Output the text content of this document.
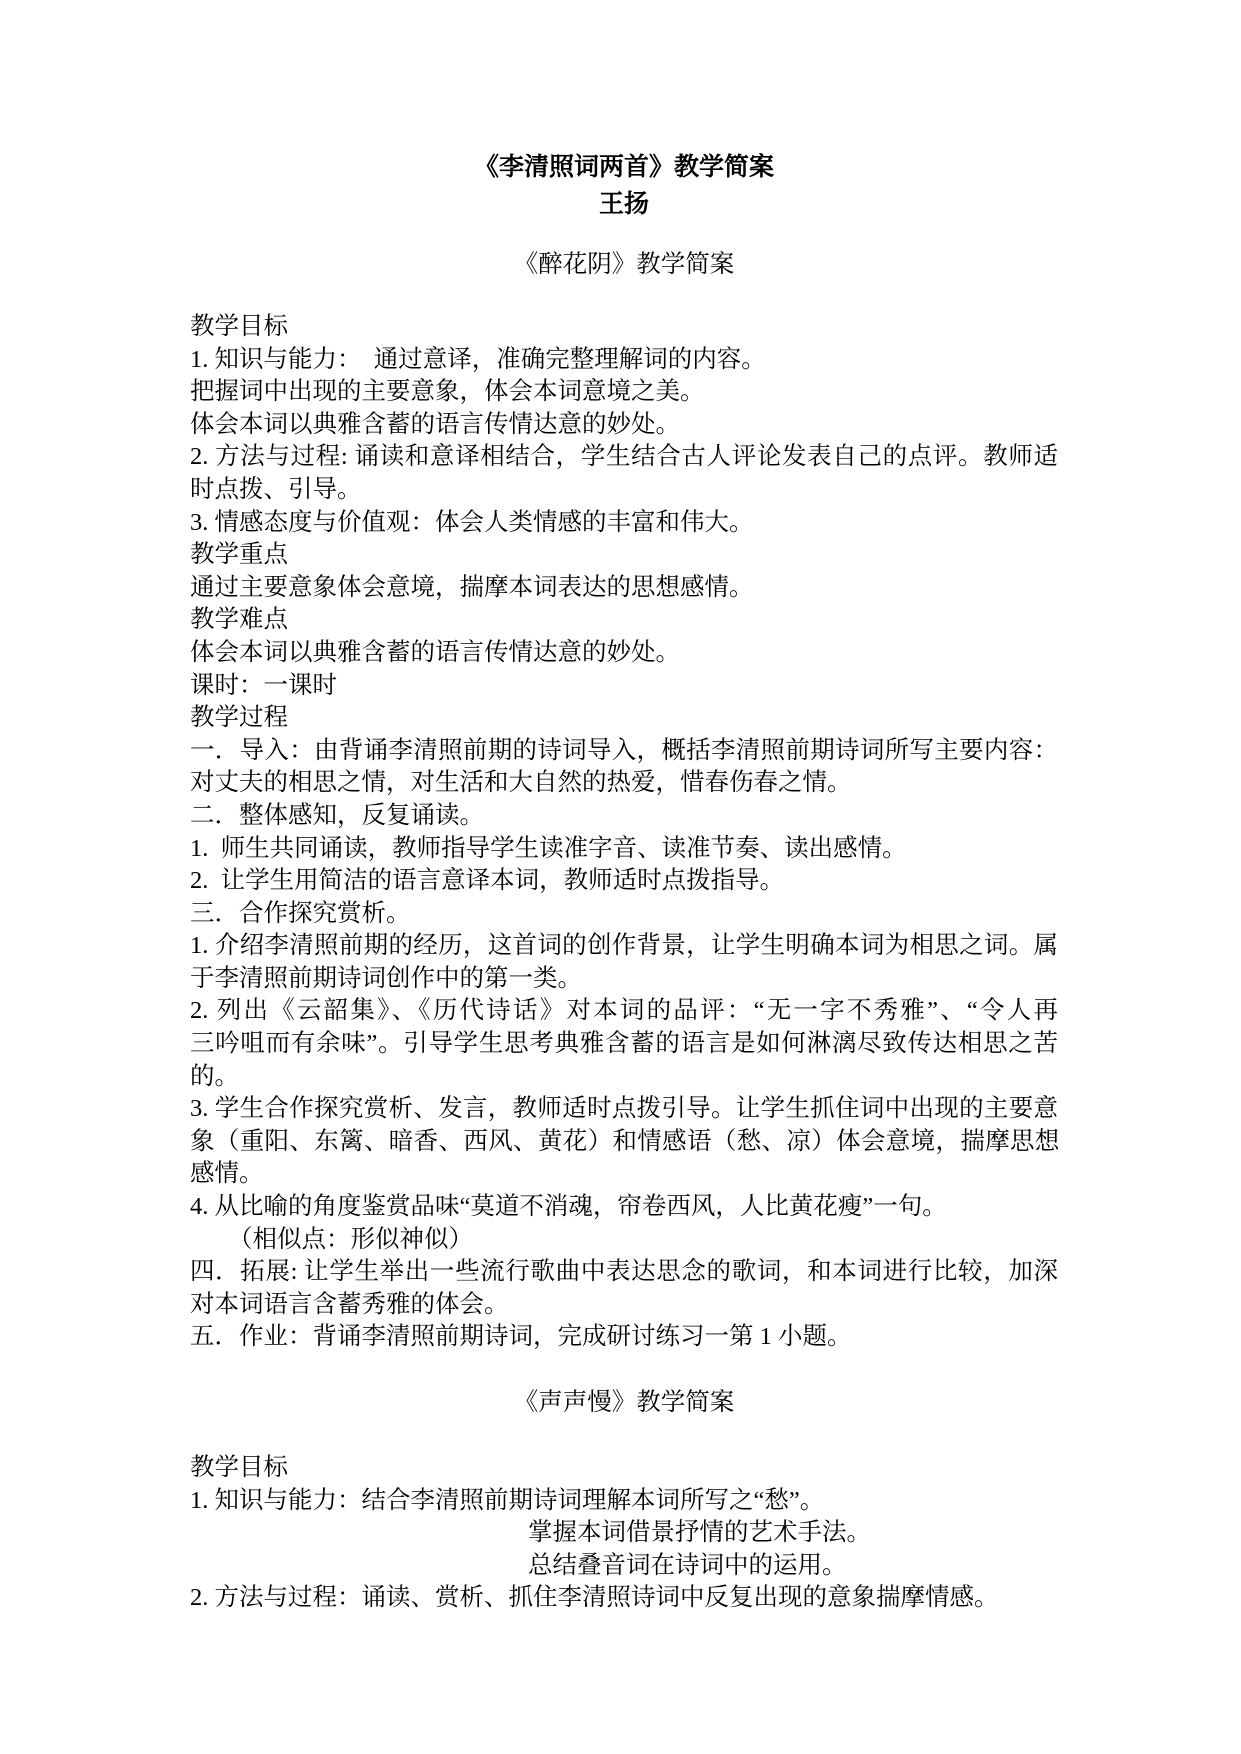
《李清照词两首》教学简案
王扬
《醉花阴》教学简案
教学目标
1. 知识与能力：  通过意译，准确完整理解词的内容。
把握词中出现的主要意象，体会本词意境之美。
体会本词以典雅含蓄的语言传情达意的妙处。
2. 方法与过程: 诵读和意译相结合，学生结合古人评论发表自己的点评。教师适
时点拨、引导。
3. 情感态度与价值观：体会人类情感的丰富和伟大。
教学重点
通过主要意象体会意境，揣摩本词表达的思想感情。
教学难点
体会本词以典雅含蓄的语言传情达意的妙处。
课时：一课时
教学过程
一．导入：由背诵李清照前期的诗词导入，概括李清照前期诗词所写主要内容：
对丈夫的相思之情，对生活和大自然的热爱，惜春伤春之情。
二．整体感知，反复诵读。
1.  师生共同诵读，教师指导学生读准字音、读准节奏、读出感情。
2.  让学生用简洁的语言意译本词，教师适时点拨指导。
三．合作探究赏析。
1. 介绍李清照前期的经历，这首词的创作背景，让学生明确本词为相思之词。属
于李清照前期诗词创作中的第一类。
2. 列出《云韶集》、《历代诗话》对本词的品评：“无一字不秀雅”、“令人再
三吟咀而有余味”。引导学生思考典雅含蓄的语言是如何淋漓尽致传达相思之苦
的。
3. 学生合作探究赏析、发言，教师适时点拨引导。让学生抓住词中出现的主要意
象（重阳、东篱、暗香、西风、黄花）和情感语（愁、凉）体会意境，揣摩思想
感情。
4. 从比喻的角度鉴赏品味“莫道不消魂，帘卷西风，人比黄花瘦”一句。
（相似点：形似神似）
四．拓展: 让学生举出一些流行歌曲中表达思念的歌词，和本词进行比较，加深
对本词语言含蓄秀雅的体会。
五．作业：背诵李清照前期诗词，完成研讨练习一第 1 小题。
《声声慢》教学简案
教学目标
1. 知识与能力：结合李清照前期诗词理解本词所写之“愁”。
掌握本词借景抒情的艺术手法。
总结叠音词在诗词中的运用。
2. 方法与过程：诵读、赏析、抓住李清照诗词中反复出现的意象揣摩情感。
